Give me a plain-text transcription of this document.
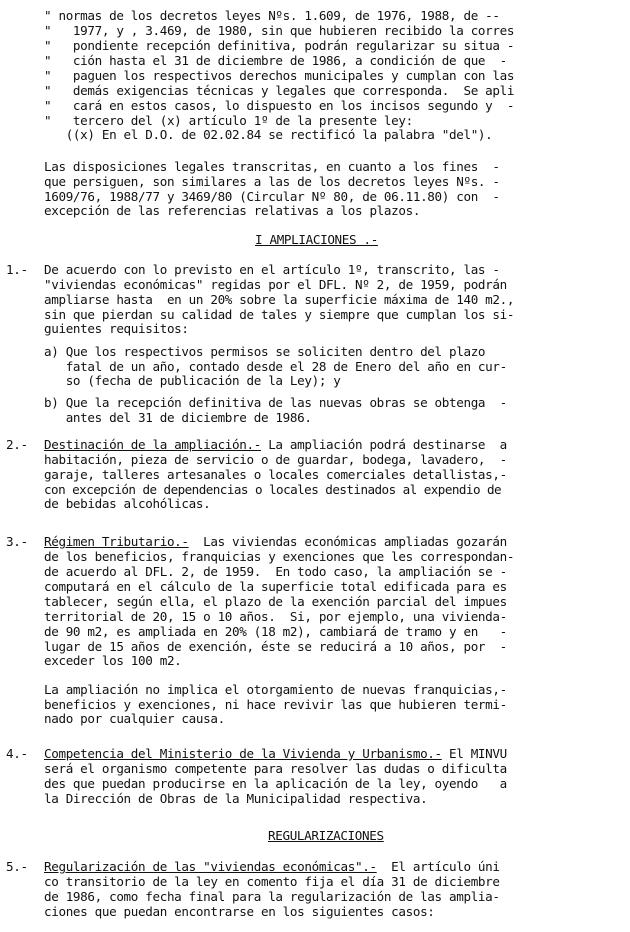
" normas de los decretos leyes Nºs. 1.609, de 1976, 1988, de --
"   1977, y , 3.469, de 1980, sin que hubieren recibido la corres
"   pondiente recepción definitiva, podrán regularizar su situa -
"   ción hasta el 31 de diciembre de 1986, a condición de que  -
"   paguen los respectivos derechos municipales y cumplan con las
"   demás exigencias técnicas y legales que corresponda.  Se apli
"   cará en estos casos, lo dispuesto en los incisos segundo y  -
"   tercero del (x) artículo 1º de la presente ley:
((x) En el D.O. de 02.02.84 se rectificó la palabra "del").
Las disposiciones legales transcritas, en cuanto a los fines  -
que persiguen, son similares a las de los decretos leyes Nºs. -
1609/76, 1988/77 y 3469/80 (Circular Nº 80, de 06.11.80) con  -
excepción de las referencias relativas a los plazos.
I AMPLIACIONES .-
1.- De acuerdo con lo previsto en el artículo 1º, transcrito, las -
"viviendas económicas" regidas por el DFL. Nº 2, de 1959, podrán
ampliarse hasta  en un 20% sobre la superficie máxima de 140 m2.,
sin que pierdan su calidad de tales y siempre que cumplan los si-
guientes requisitos:
a) Que los respectivos permisos se soliciten dentro del plazo
fatal de un año, contado desde el 28 de Enero del año en cur-
so (fecha de publicación de la Ley); y
b) Que la recepción definitiva de las nuevas obras se obtenga  -
antes del 31 de diciembre de 1986.
2.- Destinación de la ampliación.- La ampliación podrá destinarse  a
habitación, pieza de servicio o de guardar, bodega, lavadero,  -
garaje, talleres artesanales o locales comerciales detallistas,-
con excepción de dependencias o locales destinados al expendio de
de bebidas alcohólicas.
3.- Régimen Tributario.-  Las viviendas económicas ampliadas gozarán
de los beneficios, franquicias y exenciones que les correspondan-
de acuerdo al DFL. 2, de 1959.  En todo caso, la ampliación se -
computará en el cálculo de la superficie total edificada para es
tablecer, según ella, el plazo de la exención parcial del impues
territorial de 20, 15 o 10 años.  Si, por ejemplo, una vivienda-
de 90 m2, es ampliada en 20% (18 m2), cambiará de tramo y en   -
lugar de 15 años de exención, éste se reducirá a 10 años, por  -
exceder los 100 m2.
La ampliación no implica el otorgamiento de nuevas franquicias,-
beneficios y exenciones, ni hace revivir las que hubieren termi-
nado por cualquier causa.
4.- Competencia del Ministerio de la Vivienda y Urbanismo.- El MINVU
será el organismo competente para resolver las dudas o dificulta
des que puedan producirse en la aplicación de la ley, oyendo   a
la Dirección de Obras de la Municipalidad respectiva.
REGULARIZACIONES
5.- Regularización de las "viviendas económicas".-  El artículo úni
co transitorio de la ley en comento fija el día 31 de diciembre
de 1986, como fecha final para la regularización de las amplia-
ciones que puedan encontrarse en los siguientes casos:
